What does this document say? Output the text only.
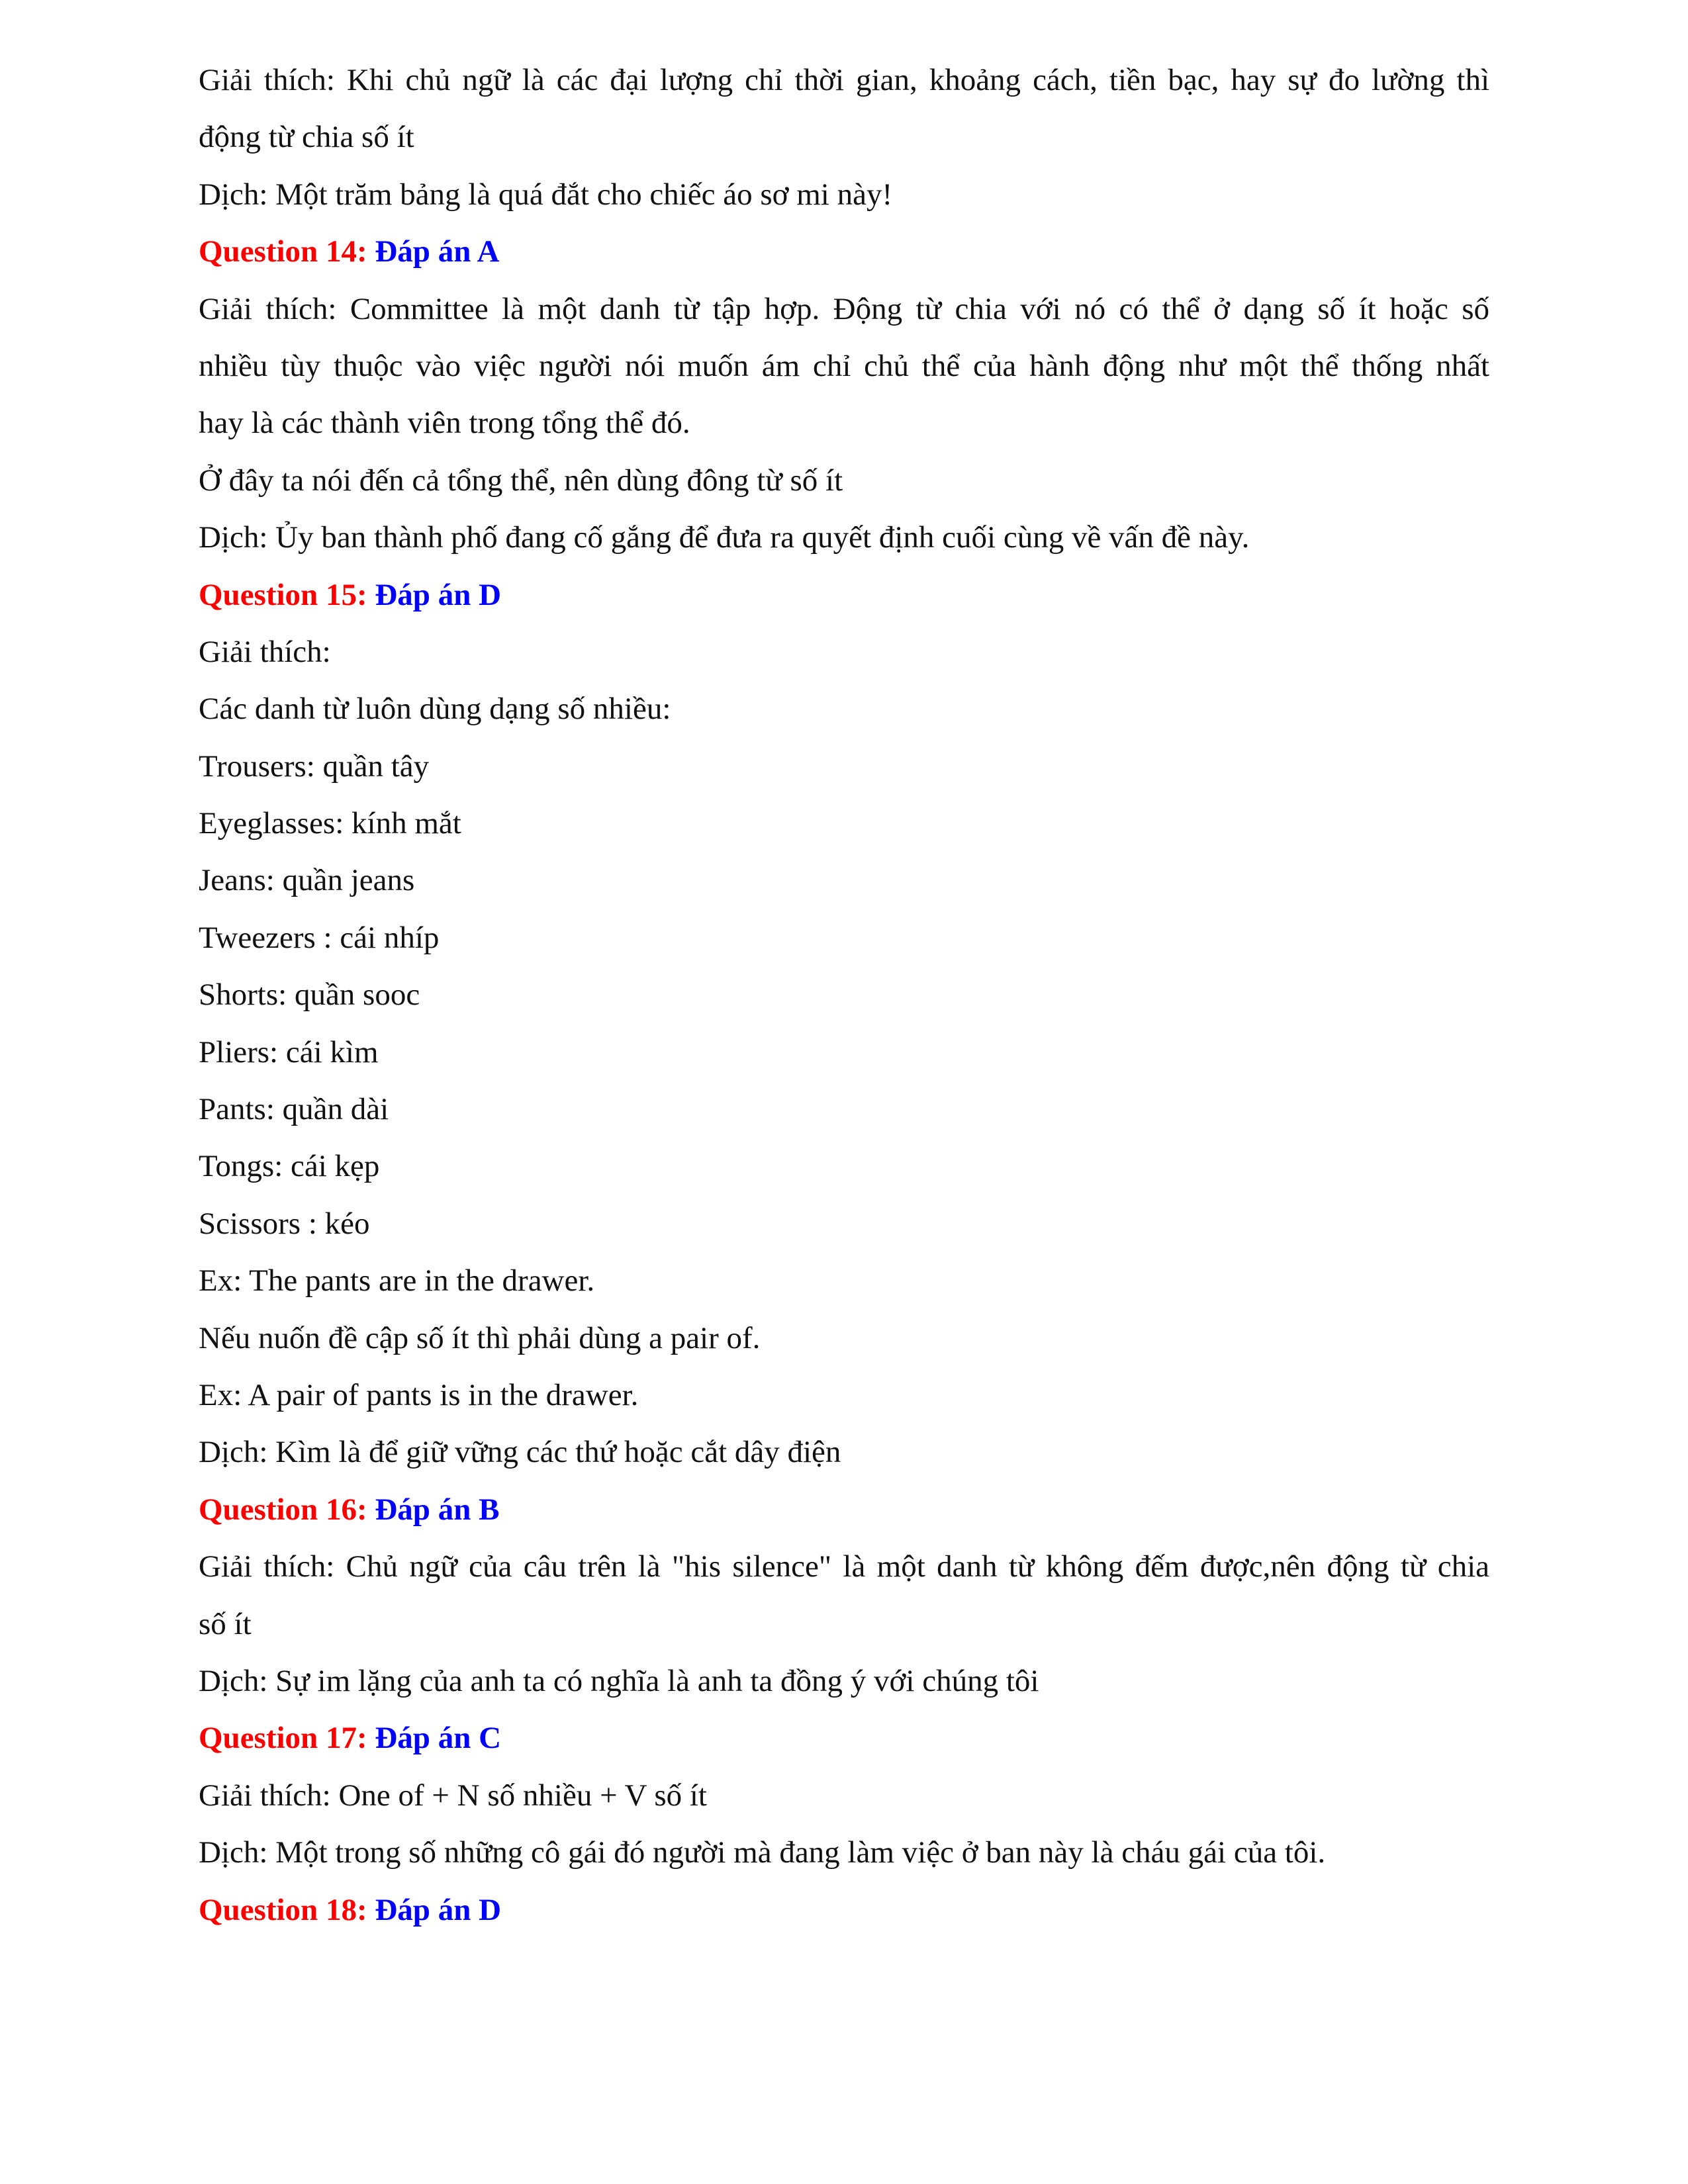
Giải thích: Khi chủ ngữ là các đại lượng chỉ thời gian, khoảng cách, tiền bạc, hay sự đo lường thì

động từ chia số ít

Dịch: Một trăm bảng là quá đắt cho chiếc áo sơ mi này!

Question 14: Đáp án A

Giải thích: Committee là một danh từ tập hợp. Động từ chia với nó có thể ở dạng số ít hoặc số

nhiều tùy thuộc vào việc người nói muốn ám chỉ chủ thể của hành động như một thể thống nhất

hay là các thành viên trong tổng thể đó.

Ở đây ta nói đến cả tổng thể, nên dùng đông từ số ít

Dịch: Ủy ban thành phố đang cố gắng để đưa ra quyết định cuối cùng về vấn đề này.

Question 15: Đáp án D

Giải thích:

Các danh từ luôn dùng dạng số nhiều:

Trousers: quần tây

Eyeglasses: kính mắt

Jeans: quần jeans

Tweezers : cái nhíp

Shorts: quần sooc

Pliers: cái kìm

Pants: quần dài

Tongs: cái kẹp

Scissors : kéo

Ex: The pants are in the drawer.

Nếu nuốn đề cập số ít thì phải dùng a pair of.

Ex: A pair of pants is in the drawer.

Dịch: Kìm là để giữ vững các thứ hoặc cắt dây điện

Question 16: Đáp án B

Giải thích: Chủ ngữ của câu trên là "his silence" là một danh từ không đếm được,nên động từ chia

số ít

Dịch: Sự im lặng của anh ta có nghĩa là anh ta đồng ý với chúng tôi

Question 17: Đáp án C

Giải thích: One of + N số nhiều + V số ít

Dịch: Một trong số những cô gái đó người mà đang làm việc ở ban này là cháu gái của tôi.

Question 18: Đáp án D
